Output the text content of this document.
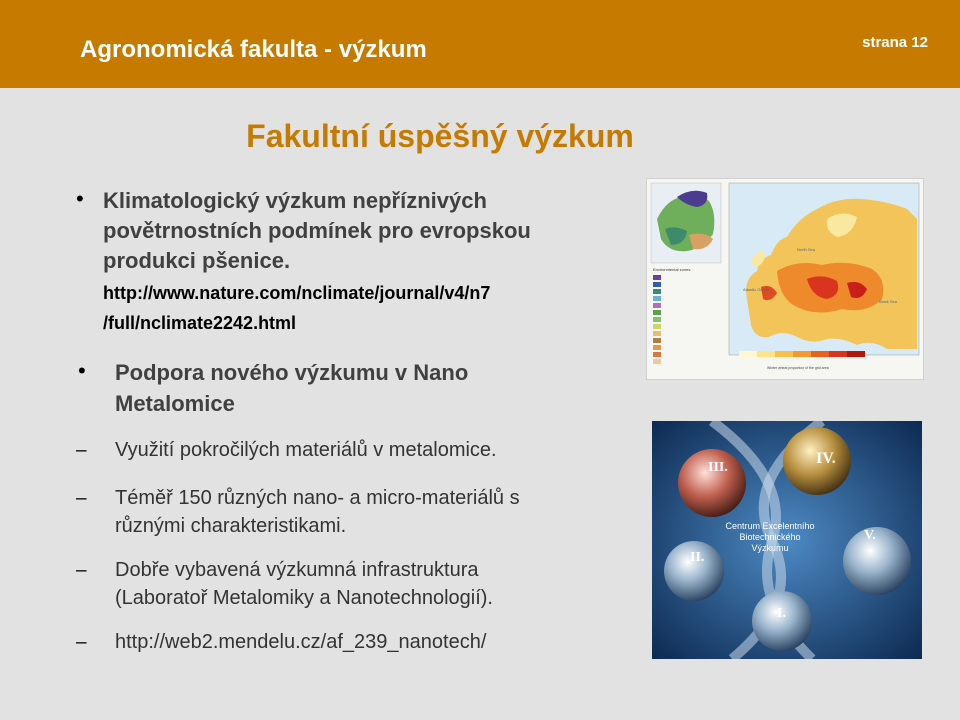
Agronomická fakulta - výzkum	strana 12
Fakultní úspěšný výzkum
• Klimatologický výzkum nepříznivých
povětrnostních podmínek pro evropskou
produkci pšenice.
http://www.nature.com/nclimate/journal/v4/n7
/full/nclimate2242.html
• Podpora nového výzkumu v Nano
Metalomice
– Využití pokročilých materiálů v metalomice.
– Téměř 150 různých nano- a micro-materiálů s
různými charakteristikami.
– Dobře vybavená výzkumná infrastruktura
(Laboratoř Metalomiky a Nanotechnologií).
– http://web2.mendelu.cz/af_239_nanotech/
Environmental zones
North Sea
Atlantic Ocean
Black Sea
Winter wheat proportion of the grid area
III.
IV.
V.
II.
I.
Centrum Excelentního
Biotechnického
Výzkumu
